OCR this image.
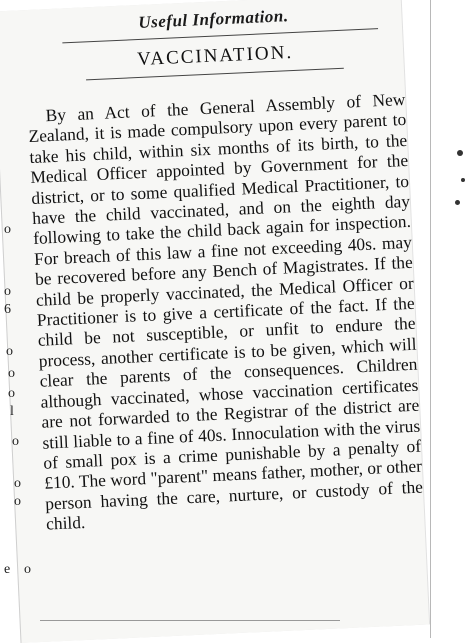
Useful Information.
VACCINATION.
By an Act of the General Assembly of New Zealand, it is made compulsory upon every parent to take his child, within six months of its birth, to the Medical Officer appointed by Government for the district, or to some qualified Medical Practitioner, to have the child vaccinated, and on the eighth day following to take the child back again for inspection. For breach of this law a fine not exceeding 40s. may be recovered before any Bench of Magistrates. If the child be properly vaccinated, the Medical Officer or Practitioner is to give a certificate of the fact. If the child be not susceptible, or unfit to endure the process, another certificate is to be given, which will clear the parents of the consequences. Children although vaccinated, whose vaccination certificates are not forwarded to the Registrar of the district are still liable to a fine of 40s. Innoculation with the virus of small pox is a crime punishable by a penalty of £10. The word "parent" means father, mother, or other person having the care, nurture, or custody of the child.
o
o
6
o
o
o
l
o
o
o
e o
